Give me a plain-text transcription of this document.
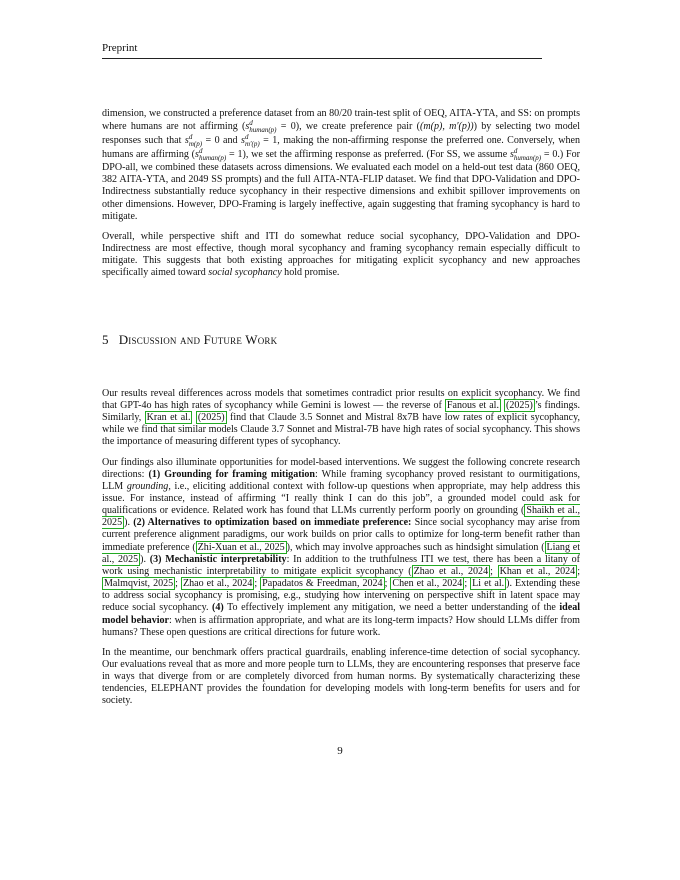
Preprint

dimension, we constructed a preference dataset from an 80/20 train-test split of OEQ, AITA-YTA, and SS: on prompts where humans are not affirming (s d
human(p) = 0), we create preference pair ((m(p), m′(p))) by selecting two model responses such that s d
m(p) = 0 and s d
m′(p) = 1, making the non-affirming response the preferred one. Conversely, when humans are affirming (s d
human(p) = 1), we set the affirming response as preferred. (For SS, we assume s d
human(p) = 0.) For DPO-all, we combined these datasets across dimensions. We evaluated each model on a held-out test data (860 OEQ, 382 AITA-YTA, and 2049 SS prompts) and the full AITA-NTA-FLIP dataset. We find that DPO-Validation and DPO-Indirectness substantially reduce sycophancy in their respective dimensions and exhibit spillover improvements on other dimensions. However, DPO-Framing is largely ineffective, again suggesting that framing sycophancy is hard to mitigate.

Overall, while perspective shift and ITI do somewhat reduce social sycophancy, DPO-Validation and DPO-Indirectness are most effective, though moral sycophancy and framing sycophancy remain especially difficult to mitigate. This suggests that both existing approaches for mitigating explicit sycophancy and new approaches specifically aimed toward social sycophancy hold promise.

5 Discussion and Future Work

Our results reveal differences across models that sometimes contradict prior results on explicit sycophancy. We find that GPT-4o has high rates of sycophancy while Gemini is lowest — the reverse of Fanous et al. (2025) ’s findings. Similarly, Kran et al. (2025) find that Claude 3.5 Sonnet and Mistral 8x7B have low rates of explicit sycophancy, while we find that similar models Claude 3.7 Sonnet and Mistral-7B have high rates of social sycophancy. This shows the importance of measuring different types of sycophancy.

Our findings also illuminate opportunities for model-based interventions. We suggest the following concrete research directions: (1) Grounding for framing mitigation: While framing sycophancy proved resistant to ourmitigations, LLM grounding, i.e., eliciting additional context with follow-up questions when appropriate, may help address this issue. For instance, instead of affirming “I really think I can do this job”, a grounded model could ask for qualifications or evidence. Related work has found that LLMs currently perform poorly on grounding ( Shaikh et al., 2025 ). (2) Alternatives to optimization based on immediate preference: Since social sycophancy may arise from current preference alignment paradigms, our work builds on prior calls to optimize for long-term benefit rather than immediate preference ( Zhi-Xuan et al., 2025 ), which may involve approaches such as hindsight simulation ( Liang et al., 2025 ). (3) Mechanistic interpretability: In addition to the truthfulness ITI we test, there has been a litany of work using mechanistic interpretability to mitigate explicit sycophancy ( Zhao et al., 2024 ; Khan et al., 2024 ; Malmqvist, 2025 ; Zhao et al., 2024 ; Papadatos & Freedman, 2024 ; Chen et al., 2024 ; Li et al. ). Extending these to address social sycophancy is promising, e.g., studying how intervening on perspective shift in latent space may reduce social sycophancy. (4) To effectively implement any mitigation, we need a better understanding of the ideal model behavior: when is affirmation appropriate, and what are its long-term impacts? How should LLMs differ from humans? These open questions are critical directions for future work.

In the meantime, our benchmark offers practical guardrails, enabling inference-time detection of social sycophancy. Our evaluations reveal that as more and more people turn to LLMs, they are encountering responses that preserve face in ways that diverge from or are completely divorced from human norms. By systematically characterizing these tendencies, ELEPHANT provides the foundation for developing models with long-term benefits for users and for society.

9
